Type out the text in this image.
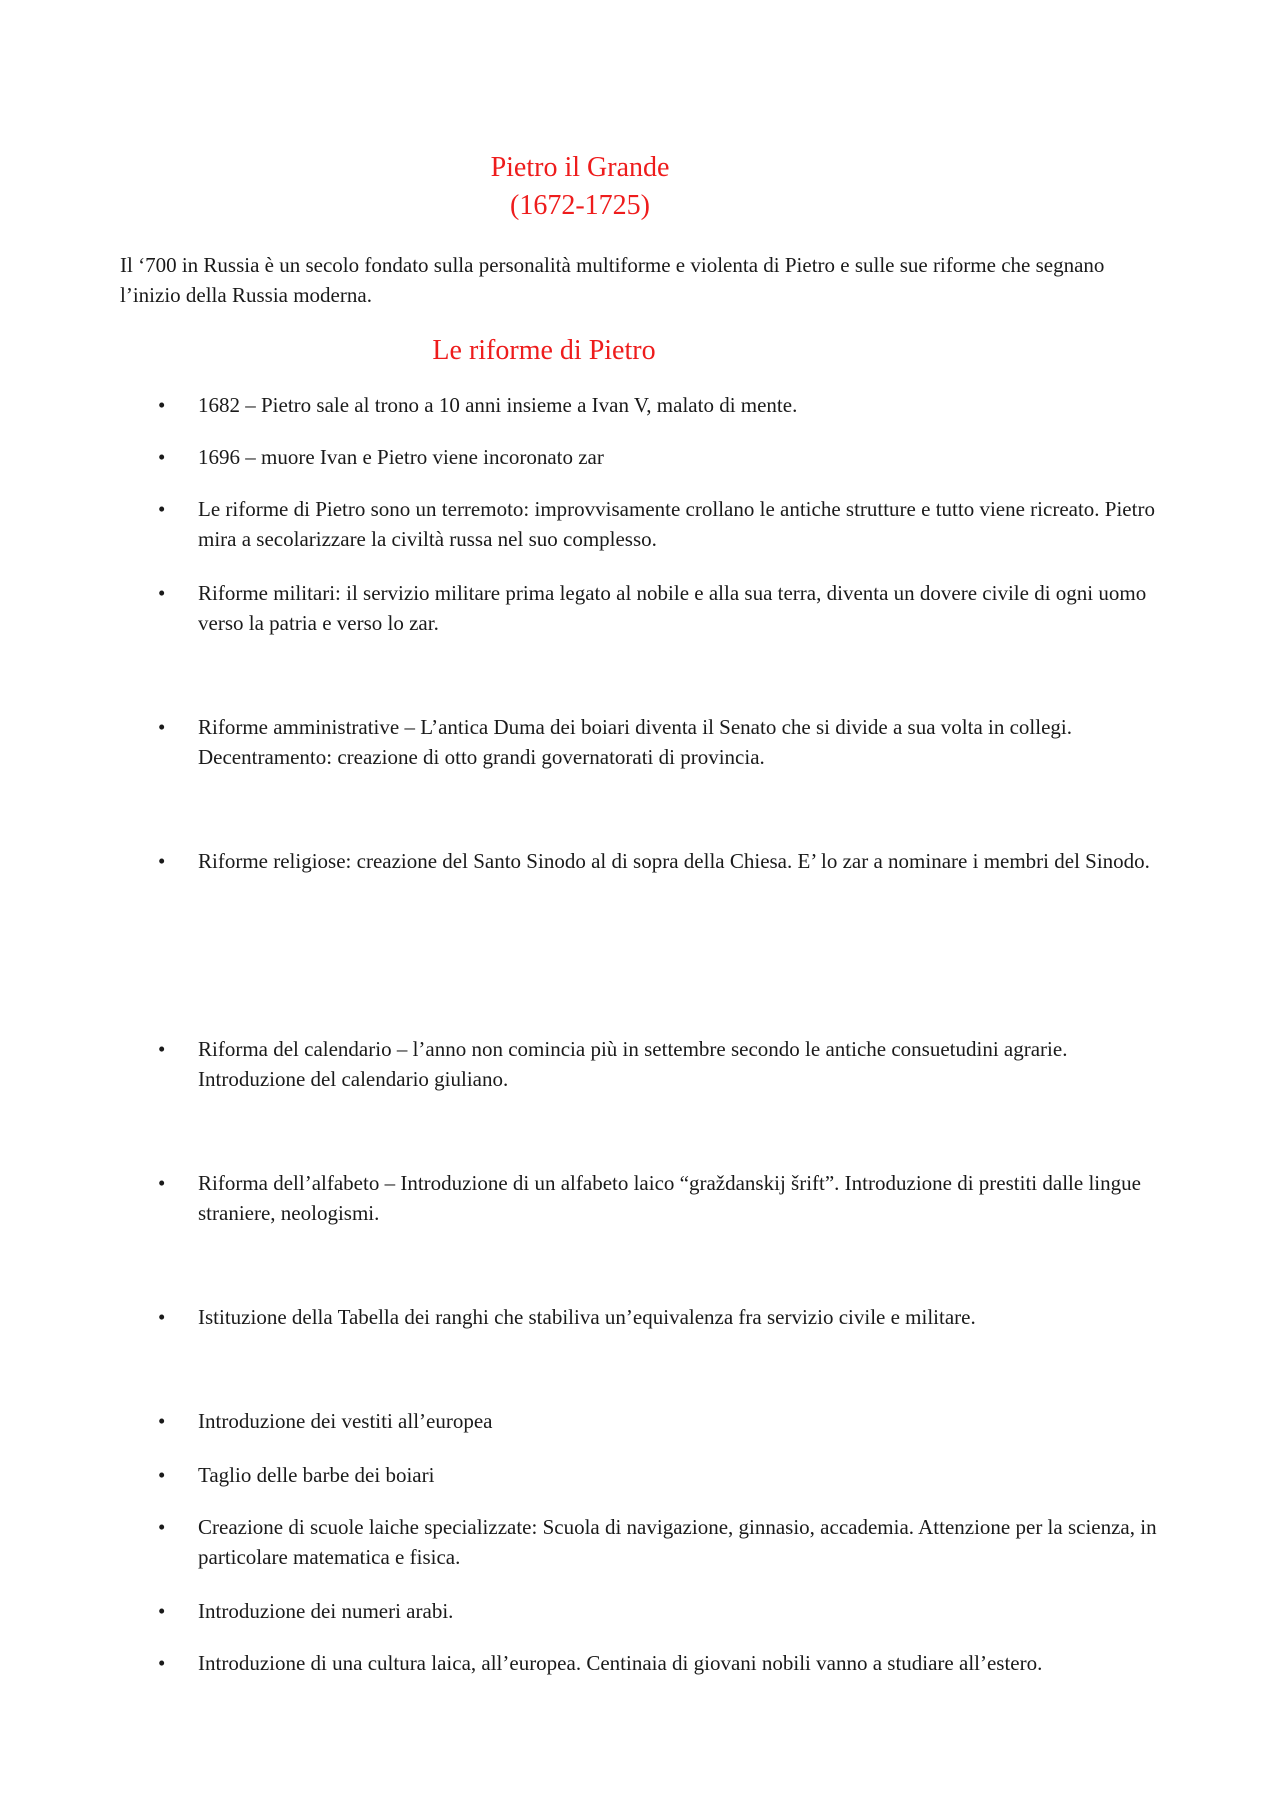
Pietro il Grande
(1672-1725)

Il ‘700 in Russia è un secolo fondato sulla personalità multiforme e violenta di Pietro e sulle sue riforme che segnano l’inizio della Russia moderna.

Le riforme di Pietro
•	1682 – Pietro sale al trono a 10 anni insieme a Ivan V, malato di mente.
•	1696 – muore Ivan e Pietro viene incoronato zar
•	Le riforme di Pietro sono un terremoto: improvvisamente crollano le antiche strutture e tutto viene ricreato. Pietro mira a secolarizzare la civiltà russa nel suo complesso.
•	Riforme militari: il servizio militare prima legato al nobile e alla sua terra, diventa un dovere civile di ogni uomo verso la patria e verso lo zar.
•	Riforme amministrative – L’antica Duma dei boiari diventa il Senato che si divide a sua volta in collegi. Decentramento: creazione di otto grandi governatorati di provincia.
•	Riforme religiose: creazione del Santo Sinodo al di sopra della Chiesa. E’ lo zar a nominare i membri del Sinodo.
•	Riforma del calendario – l’anno non comincia più in settembre secondo le antiche consuetudini agrarie. Introduzione del calendario giuliano.
•	Riforma dell’alfabeto – Introduzione di un alfabeto laico “graždanskij šrift”. Introduzione di prestiti dalle lingue straniere, neologismi.
•	Istituzione della Tabella dei ranghi che stabiliva un’equivalenza fra servizio civile e militare.
•	Introduzione dei vestiti all’europea
•	Taglio delle barbe dei boiari
•	Creazione di scuole laiche specializzate: Scuola di navigazione, ginnasio, accademia. Attenzione per la scienza, in particolare matematica e fisica.
•	Introduzione dei numeri arabi.
•	Introduzione di una cultura laica, all’europea. Centinaia di giovani nobili vanno a studiare all’estero.
